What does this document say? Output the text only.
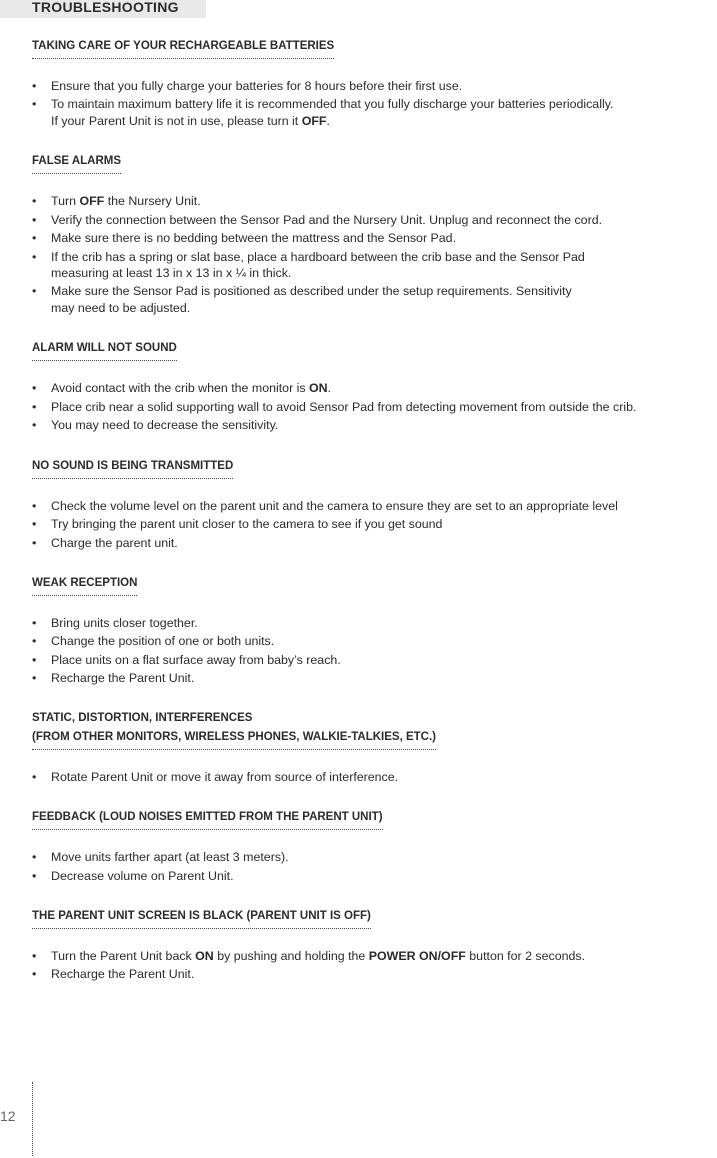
TROUBLESHOOTING
TAKING CARE OF YOUR RECHARGEABLE BATTERIES
• Ensure that you fully charge your batteries for 8 hours before their first use.
• To maintain maximum battery life it is recommended that you fully discharge your batteries periodically.
If your Parent Unit is not in use, please turn it OFF.
FALSE ALARMS
• Turn OFF the Nursery Unit.
• Verify the connection between the Sensor Pad and the Nursery Unit. Unplug and reconnect the cord.
• Make sure there is no bedding between the mattress and the Sensor Pad.
• If the crib has a spring or slat base, place a hardboard between the crib base and the Sensor Pad
measuring at least 13 in x 13 in x ¼ in thick.
• Make sure the Sensor Pad is positioned as described under the setup requirements. Sensitivity
may need to be adjusted.
ALARM WILL NOT SOUND
• Avoid contact with the crib when the monitor is ON.
• Place crib near a solid supporting wall to avoid Sensor Pad from detecting movement from outside the crib.
• You may need to decrease the sensitivity.
NO SOUND IS BEING TRANSMITTED
• Check the volume level on the parent unit and the camera to ensure they are set to an appropriate level
• Try bringing the parent unit closer to the camera to see if you get sound
• Charge the parent unit.
WEAK RECEPTION
• Bring units closer together.
• Change the position of one or both units.
• Place units on a flat surface away from baby’s reach.
• Recharge the Parent Unit.
STATIC, DISTORTION, INTERFERENCES
(FROM OTHER MONITORS, WIRELESS PHONES, WALKIE-TALKIES, ETC.)
• Rotate Parent Unit or move it away from source of interference.
FEEDBACK (LOUD NOISES EMITTED FROM THE PARENT UNIT)
• Move units farther apart (at least 3 meters).
• Decrease volume on Parent Unit.
THE PARENT UNIT SCREEN IS BLACK (PARENT UNIT IS OFF)
• Turn the Parent Unit back ON by pushing and holding the POWER ON/OFF button for 2 seconds.
• Recharge the Parent Unit.
12
